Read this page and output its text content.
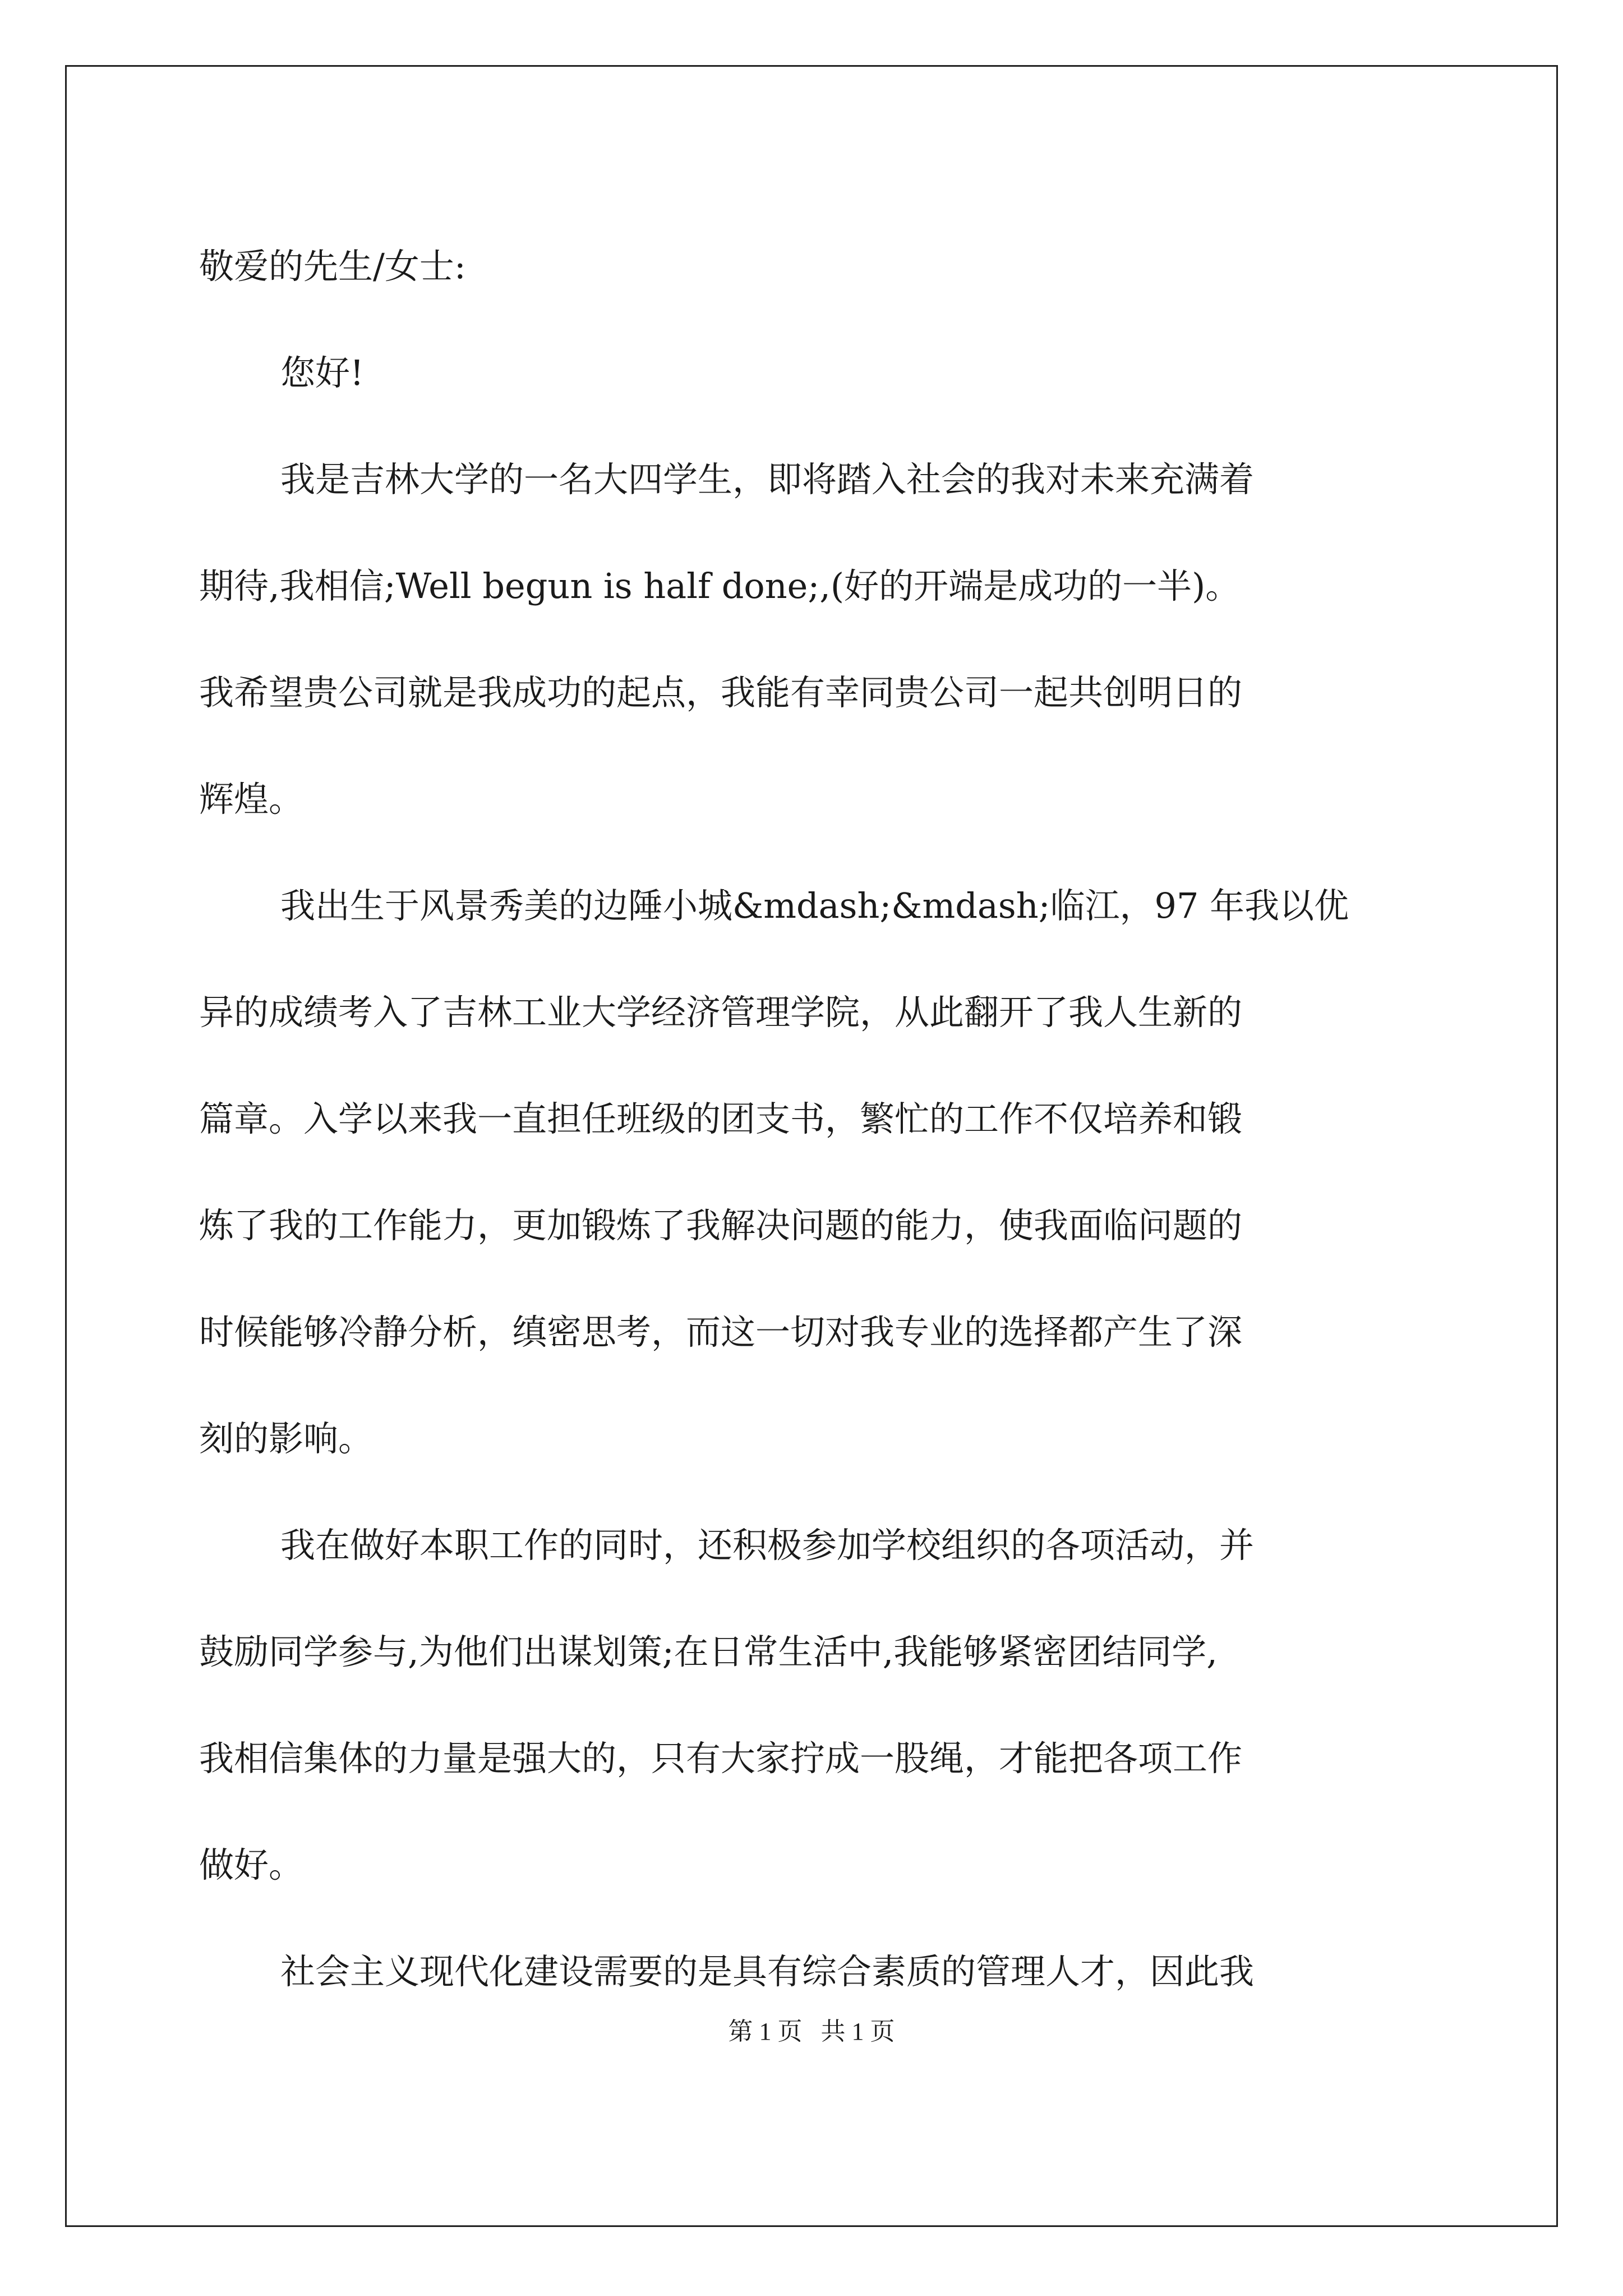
敬爱的先生/女士:
您好!
我是吉林大学的一名大四学生，即将踏入社会的我对未来充满着
期待,我相信;Well begun is half done;,(好的开端是成功的一半)。
我希望贵公司就是我成功的起点，我能有幸同贵公司一起共创明日的
辉煌。
我出生于风景秀美的边陲小城&mdash;&mdash;临江，97 年我以优
异的成绩考入了吉林工业大学经济管理学院，从此翻开了我人生新的
篇章。入学以来我一直担任班级的团支书，繁忙的工作不仅培养和锻
炼了我的工作能力，更加锻炼了我解决问题的能力，使我面临问题的
时候能够冷静分析，缜密思考，而这一切对我专业的选择都产生了深
刻的影响。
我在做好本职工作的同时，还积极参加学校组织的各项活动，并
鼓励同学参与,为他们出谋划策;在日常生活中,我能够紧密团结同学,
我相信集体的力量是强大的，只有大家拧成一股绳，才能把各项工作
做好。
社会主义现代化建设需要的是具有综合素质的管理人才，因此我
第 1 页   共 1 页
